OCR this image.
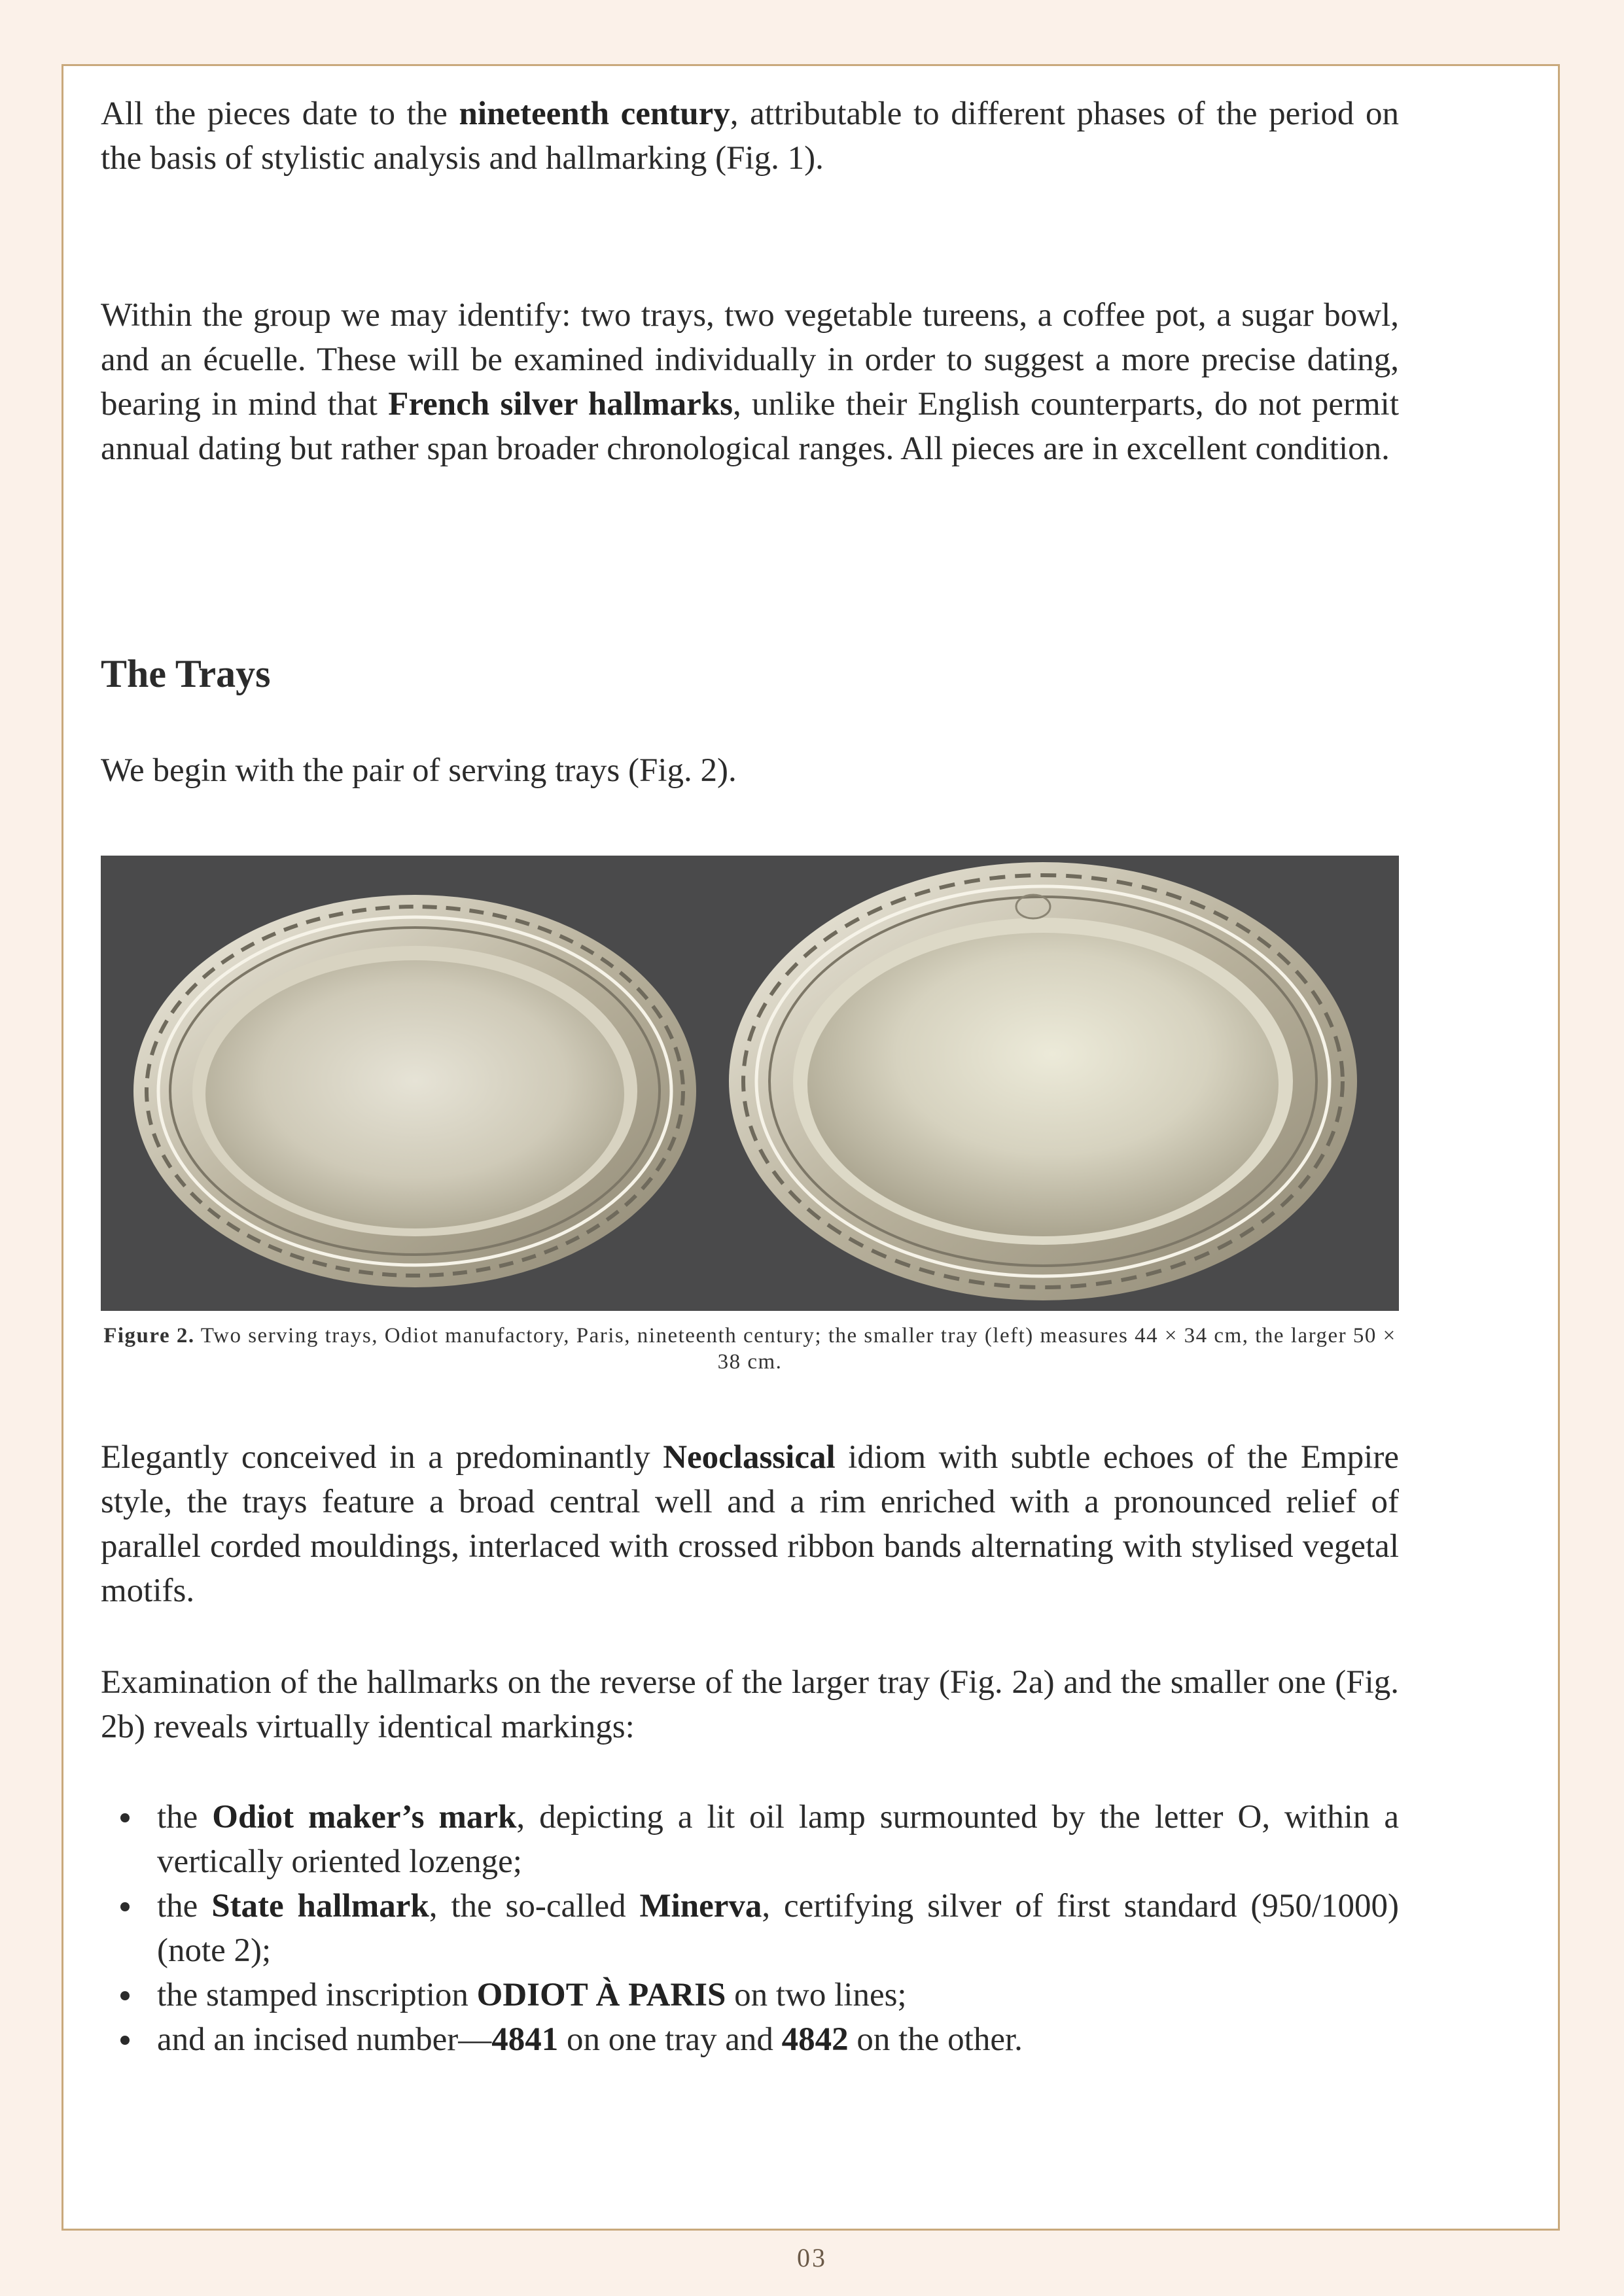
All the pieces date to the nineteenth century, attributable to different phases of the period on the basis of stylistic analysis and hallmarking (Fig. 1).

Within the group we may identify: two trays, two vegetable tureens, a coffee pot, a sugar bowl, and an écuelle. These will be examined individually in order to suggest a more precise dating, bearing in mind that French silver hallmarks, unlike their English counterparts, do not permit annual dating but rather span broader chronological ranges. All pieces are in excellent condition.

The Trays

We begin with the pair of serving trays (Fig. 2).

Figure 2. Two serving trays, Odiot manufactory, Paris, nineteenth century; the smaller tray (left) measures 44 × 34 cm, the larger 50 × 38 cm.

Elegantly conceived in a predominantly Neoclassical idiom with subtle echoes of the Empire style, the trays feature a broad central well and a rim enriched with a pronounced relief of parallel corded mouldings, interlaced with crossed ribbon bands alternating with stylised vegetal motifs.

Examination of the hallmarks on the reverse of the larger tray (Fig. 2a) and the smaller one (Fig. 2b) reveals virtually identical markings:

the Odiot maker’s mark, depicting a lit oil lamp surmounted by the letter O, within a vertically oriented lozenge;
the State hallmark, the so-called Minerva, certifying silver of first standard (950/1000) (note 2);
the stamped inscription ODIOT À PARIS on two lines;
and an incised number—4841 on one tray and 4842 on the other.
03
